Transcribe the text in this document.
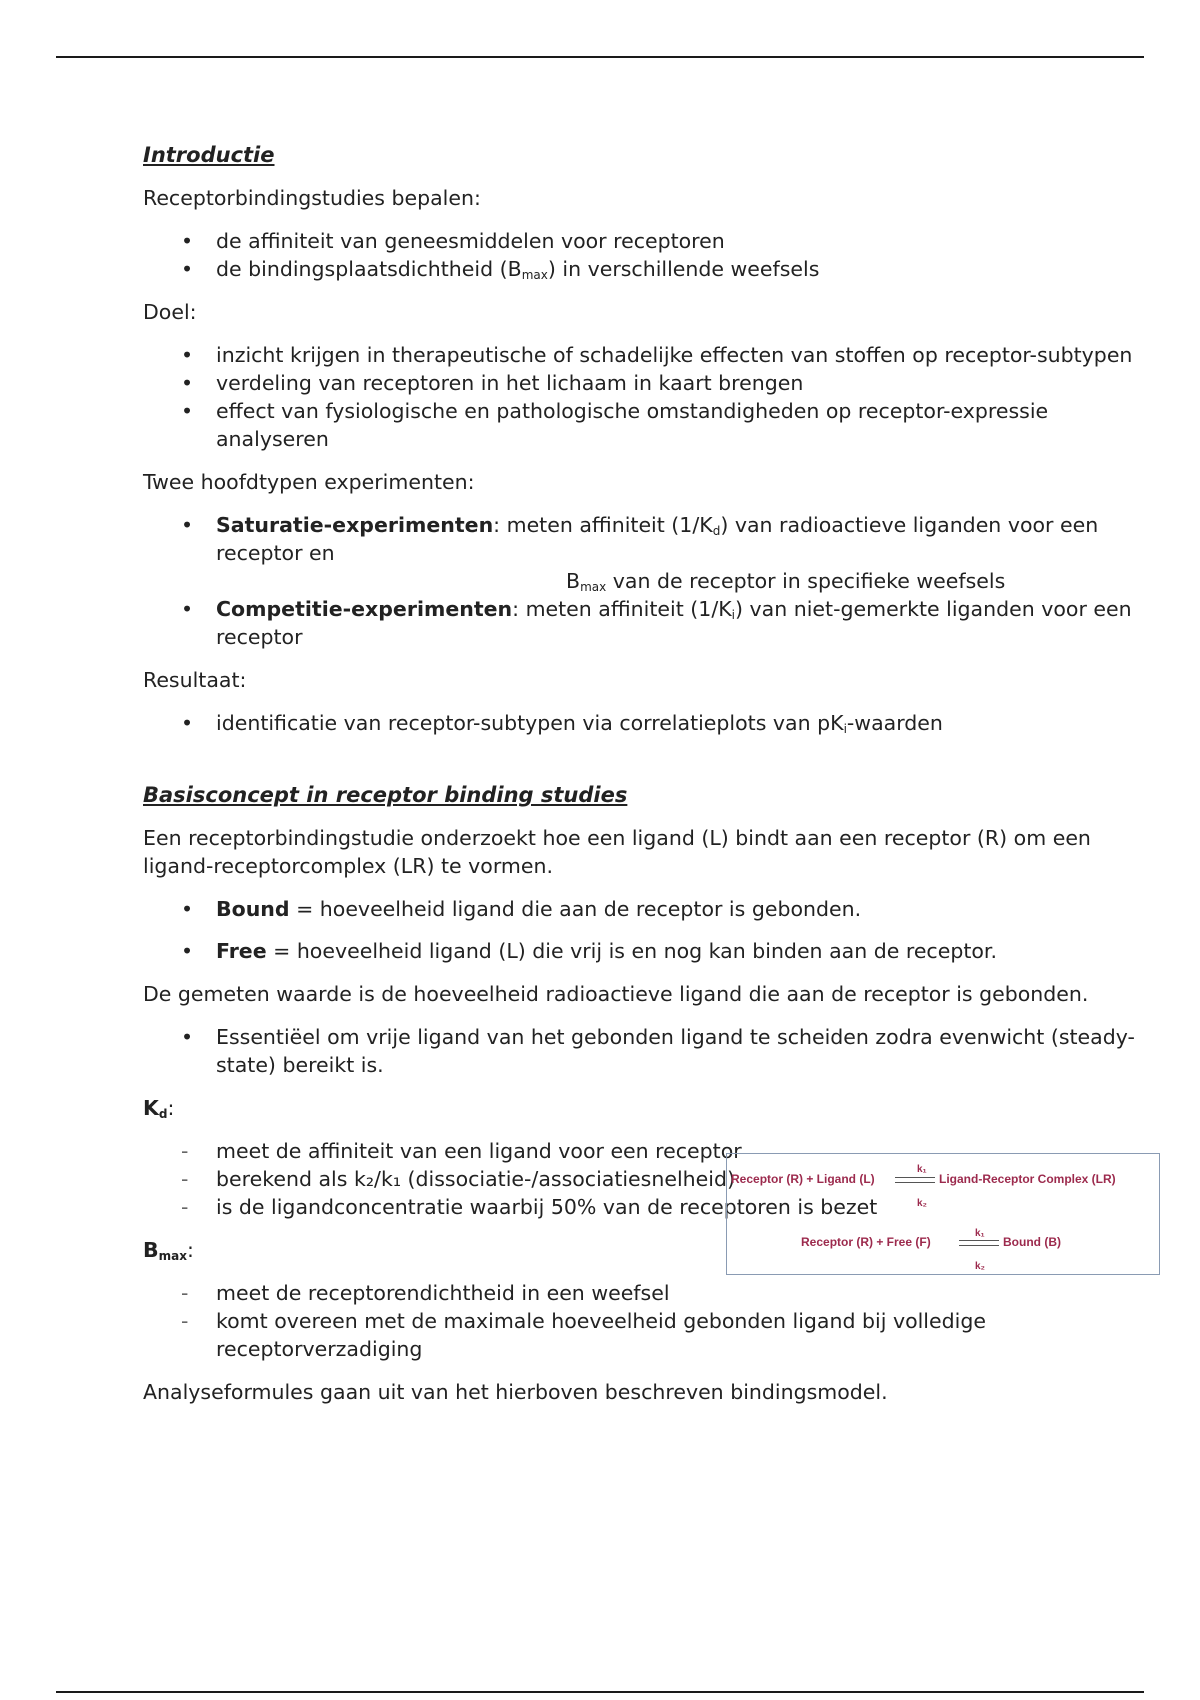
Introductie

Receptorbindingstudies bepalen:

• de affiniteit van geneesmiddelen voor receptoren
• de bindingsplaatsdichtheid $(B_{max})$ in verschillende weefsels

Doel:

• inzicht krijgen in therapeutische of schadelijke effecten van stoffen op receptor-subtypen
• verdeling van receptoren in het lichaam in kaart brengen
• effect van fysiologische en pathologische omstandigheden op receptor-expressie analyseren

Twee hoofdtypen experimenten:

• Saturatie-experimenten: meten affiniteit $(1/K_d)$ van radioactieve liganden voor een receptor en
$B_{max}$ van de receptor in specifieke weefsels
• Competitie-experimenten: meten affiniteit $(1/K_i)$ van niet-gemerkte liganden voor een receptor

Resultaat:

• identificatie van receptor-subtypen via correlatieplots van $pK_i$-waarden
Basisconcept in receptor binding studies

Een receptorbindingstudie onderzoekt hoe een ligand (L) bindt aan een receptor (R) om een ligand-receptorcomplex (LR) te vormen.

• Bound = hoeveelheid ligand die aan de receptor is gebonden.
• Free = hoeveelheid ligand (L) die vrij is en nog kan binden aan de receptor.

De gemeten waarde is de hoeveelheid radioactieve ligand die aan de receptor is gebonden.

• Essentiëel om vrije ligand van het gebonden ligand te scheiden zodra evenwicht (steady-state) bereikt is.

$K_d$:

- meet de affiniteit van een ligand voor een receptor
- berekend als k₂/k₁ (dissociatie-/associatiesnelheid)
- is de ligandconcentratie waarbij 50% van de receptoren is bezet

$B_{max}$:

- meet de receptorendichtheid in een weefsel
- komt overeen met de maximale hoeveelheid gebonden ligand bij volledige receptorverzadiging

Analyseformules gaan uit van het hierboven beschreven bindingsmodel.

k₁
Receptor (R) + Ligand (L)	Ligand-Receptor Complex (LR)
k₂
k₁
Receptor (R) + Free (F)	Bound (B)
k₂
